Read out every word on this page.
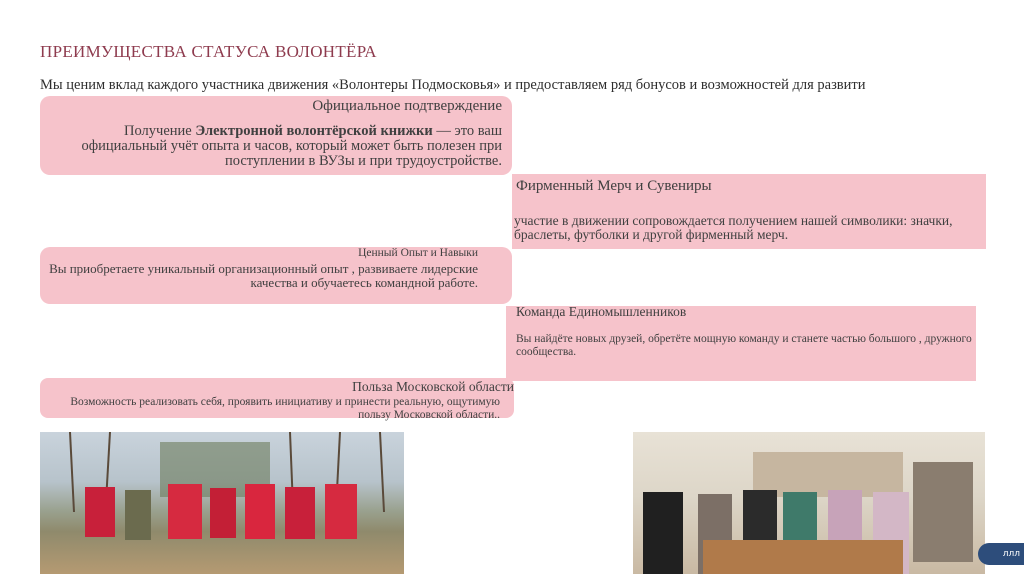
ПРЕИМУЩЕСТВА СТАТУСА ВОЛОНТЁРА
Мы ценим вклад каждого участника движения «Волонтеры Подмосковья» и предоставляем ряд бонусов и возможностей для развити
Официальное подтверждение
Получение Электронной волонтёрской книжки — это ваш официальный учёт опыта и часов, который может быть полезен при поступлении в ВУЗы и при трудоустройстве.
Фирменный Мерч и Сувениры
участие в движении сопровождается получением нашей символики: значки, браслеты, футболки и другой фирменный мерч.
Ценный Опыт и Навыки
Вы приобретаете уникальный организационный опыт , развиваете лидерские качества и обучаетесь командной работе.
Команда Единомышленников
Вы найдёте новых друзей, обретёте мощную команду и станете частью большого , дружного сообщества.
Польза Московской области
Возможность реализовать себя, проявить инициативу и принести реальную, ощутимую пользу Московской области..
ллл
